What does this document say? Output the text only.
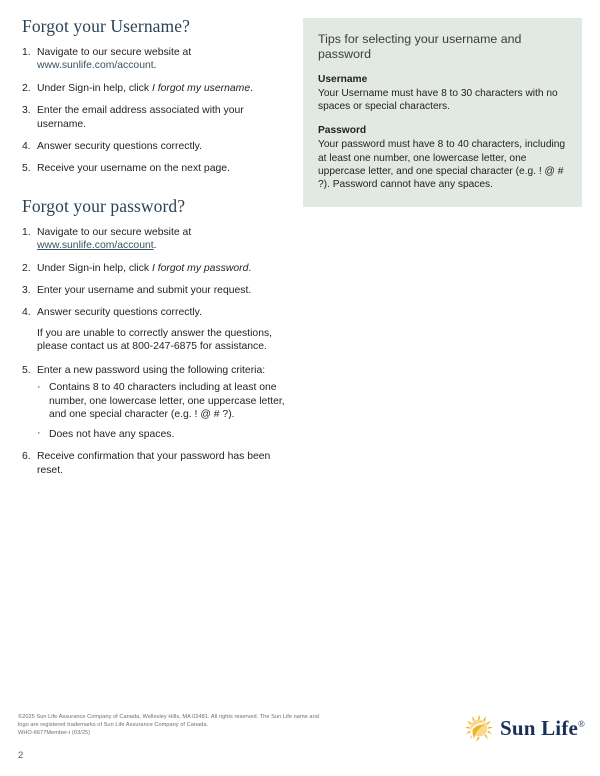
Forgot your Username?
1. Navigate to our secure website at
www.sunlife.com/account.
2. Under Sign-in help, click I forgot my username.
3. Enter the email address associated with your username.
4. Answer security questions correctly.
5. Receive your username on the next page.
Forgot your password?
1. Navigate to our secure website at
www.sunlife.com/account.
2. Under Sign-in help, click I forgot my password.
3. Enter your username and submit your request.
4. Answer security questions correctly.
If you are unable to correctly answer the questions, please contact us at 800-247-6875 for assistance.
5. Enter a new password using the following criteria:
· Contains 8 to 40 characters including at least one number, one lowercase letter, one uppercase letter, and one special character (e.g. ! @ # ?).
· Does not have any spaces.
6. Receive confirmation that your password has been reset.
Tips for selecting your username and password

Username

Your Username must have 8 to 30 characters with no spaces or special characters.

Password

Your password must have 8 to 40 characters, including at least one number, one lowercase letter, one uppercase letter, and one special character (e.g. ! @ # ?). Password cannot have any spaces.

©2025 Sun Life Assurance Company of Canada, Wellesley Hills, MA 02481. All rights reserved. The Sun Life name and
logo are registered trademarks of Sun Life Assurance Company of Canada.
WHO-6677Member-i (03/25)
2
Sun Life®
